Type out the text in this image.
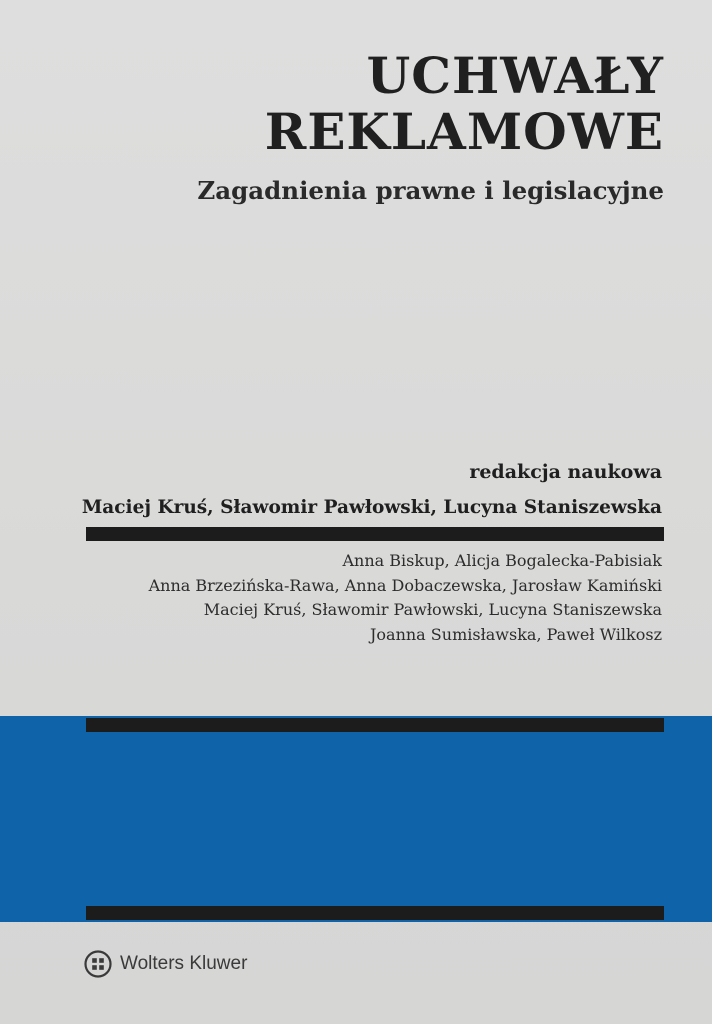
UCHWAŁY
REKLAMOWE
Zagadnienia prawne i legislacyjne
redakcja naukowa
Maciej Kruś, Sławomir Pawłowski, Lucyna Staniszewska
Anna Biskup, Alicja Bogalecka-Pabisiak
Anna Brzezińska-Rawa, Anna Dobaczewska, Jarosław Kamiński
Maciej Kruś, Sławomir Pawłowski, Lucyna Staniszewska
Joanna Sumisławska, Paweł Wilkosz
Wolters Kluwer
